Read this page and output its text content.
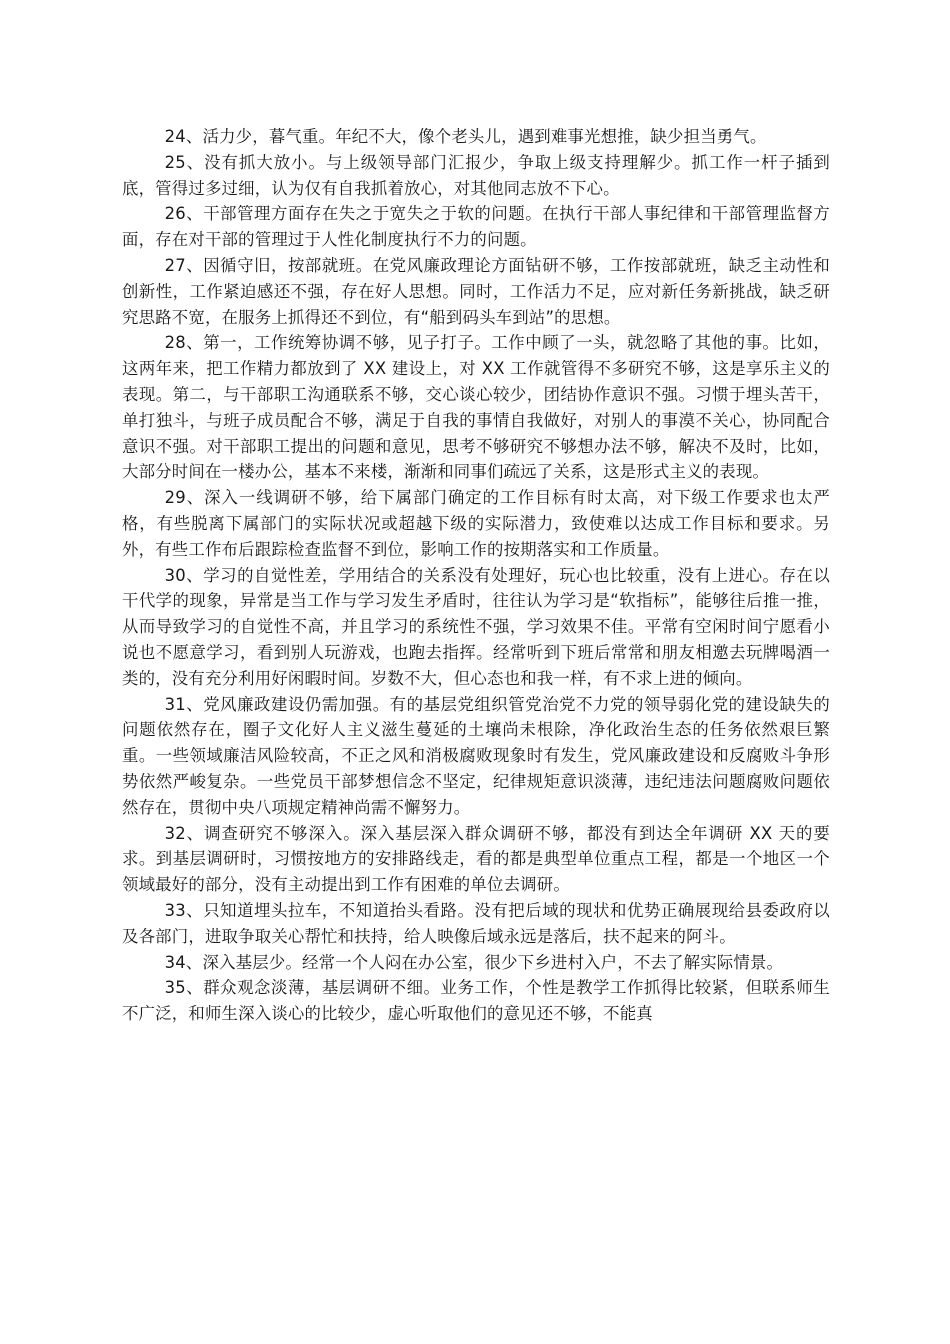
24、活力少，暮气重。年纪不大，像个老头儿，遇到难事光想推，缺少担当勇气。

25、没有抓大放小。与上级领导部门汇报少，争取上级支持理解少。抓工作一杆子插到底，管得过多过细，认为仅有自我抓着放心，对其他同志放不下心。

26、干部管理方面存在失之于宽失之于软的问题。在执行干部人事纪律和干部管理监督方面，存在对干部的管理过于人性化制度执行不力的问题。

27、因循守旧，按部就班。在党风廉政理论方面钻研不够，工作按部就班，缺乏主动性和创新性，工作紧迫感还不强，存在好人思想。同时，工作活力不足，应对新任务新挑战，缺乏研究思路不宽，在服务上抓得还不到位，有“船到码头车到站”的思想。

28、第一，工作统筹协调不够，见子打子。工作中顾了一头，就忽略了其他的事。比如，这两年来，把工作精力都放到了 XX 建设上，对 XX 工作就管得不多研究不够，这是享乐主义的表现。第二，与干部职工沟通联系不够，交心谈心较少，团结协作意识不强。习惯于埋头苦干，单打独斗，与班子成员配合不够，满足于自我的事情自我做好，对别人的事漠不关心，协同配合意识不强。对干部职工提出的问题和意见，思考不够研究不够想办法不够，解决不及时，比如，大部分时间在一楼办公，基本不来楼，渐渐和同事们疏远了关系，这是形式主义的表现。

29、深入一线调研不够，给下属部门确定的工作目标有时太高，对下级工作要求也太严格，有些脱离下属部门的实际状况或超越下级的实际潜力，致使难以达成工作目标和要求。另外，有些工作布后跟踪检查监督不到位，影响工作的按期落实和工作质量。

30、学习的自觉性差，学用结合的关系没有处理好，玩心也比较重，没有上进心。存在以干代学的现象，异常是当工作与学习发生矛盾时，往往认为学习是“软指标”，能够往后推一推，从而导致学习的自觉性不高，并且学习的系统性不强，学习效果不佳。平常有空闲时间宁愿看小说也不愿意学习，看到别人玩游戏，也跑去指挥。经常听到下班后常常和朋友相邀去玩牌喝酒一类的，没有充分利用好闲暇时间。岁数不大，但心态也和我一样，有不求上进的倾向。

31、党风廉政建设仍需加强。有的基层党组织管党治党不力党的领导弱化党的建设缺失的问题依然存在，圈子文化好人主义滋生蔓延的土壤尚未根除，净化政治生态的任务依然艰巨繁重。一些领域廉洁风险较高，不正之风和消极腐败现象时有发生，党风廉政建设和反腐败斗争形势依然严峻复杂。一些党员干部梦想信念不坚定，纪律规矩意识淡薄，违纪违法问题腐败问题依然存在，贯彻中央八项规定精神尚需不懈努力。

32、调查研究不够深入。深入基层深入群众调研不够，都没有到达全年调研 XX 天的要求。到基层调研时，习惯按地方的安排路线走，看的都是典型单位重点工程，都是一个地区一个领域最好的部分，没有主动提出到工作有困难的单位去调研。

33、只知道埋头拉车，不知道抬头看路。没有把后域的现状和优势正确展现给县委政府以及各部门，进取争取关心帮忙和扶持，给人映像后域永远是落后，扶不起来的阿斗。

34、深入基层少。经常一个人闷在办公室，很少下乡进村入户，不去了解实际情景。

35、群众观念淡薄，基层调研不细。业务工作，个性是教学工作抓得比较紧，但联系师生不广泛，和师生深入谈心的比较少，虚心听取他们的意见还不够，不能真
